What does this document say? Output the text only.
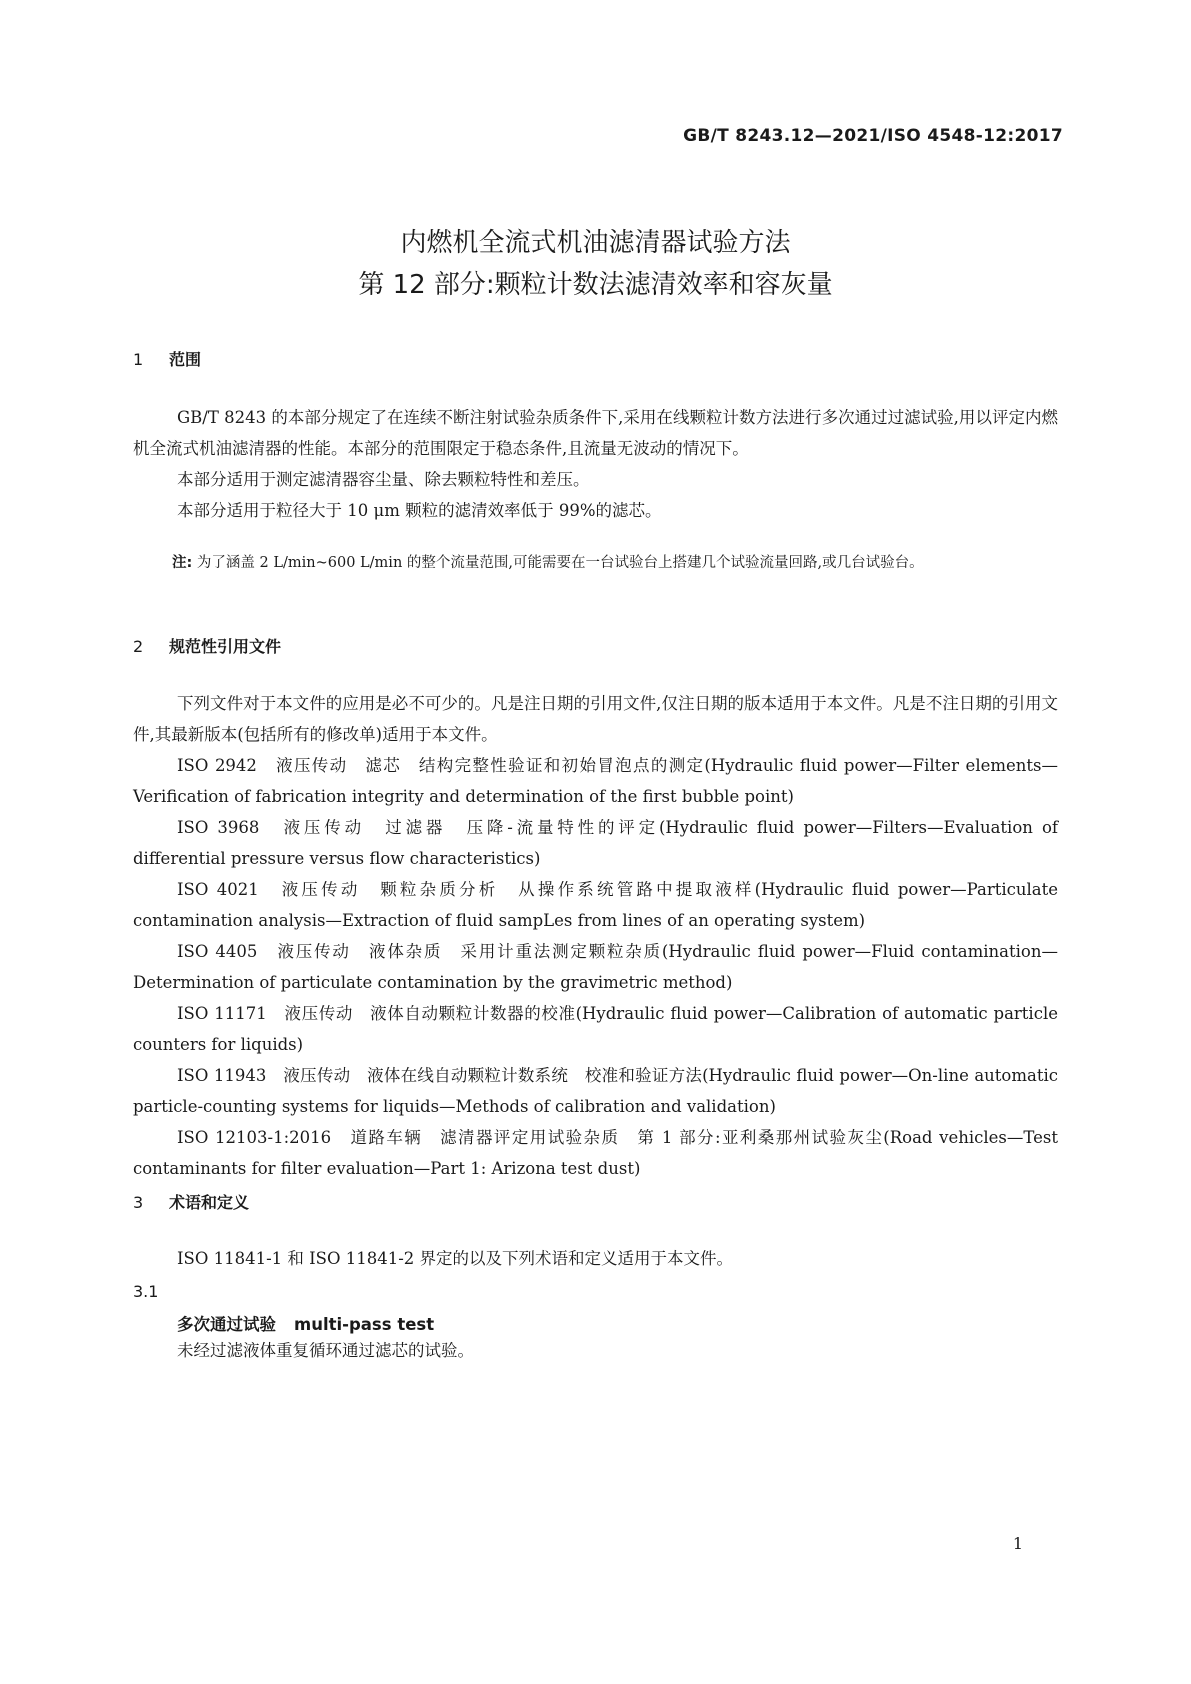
GB/T 8243.12—2021/ISO 4548-12:2017
内燃机全流式机油滤清器试验方法
第 12 部分:颗粒计数法滤清效率和容灰量
1 范围

GB/T 8243 的本部分规定了在连续不断注射试验杂质条件下,采用在线颗粒计数方法进行多次通过过滤试验,用以评定内燃机全流式机油滤清器的性能。本部分的范围限定于稳态条件,且流量无波动的情况下。

本部分适用于测定滤清器容尘量、除去颗粒特性和差压。

本部分适用于粒径大于 10 μm 颗粒的滤清效率低于 99%的滤芯。

注: 为了涵盖 2 L/min~600 L/min 的整个流量范围,可能需要在一台试验台上搭建几个试验流量回路,或几台试验台。
2 规范性引用文件

下列文件对于本文件的应用是必不可少的。凡是注日期的引用文件,仅注日期的版本适用于本文件。凡是不注日期的引用文件,其最新版本(包括所有的修改单)适用于本文件。

ISO 2942　液压传动　滤芯　结构完整性验证和初始冒泡点的测定(Hydraulic fluid power—Filter elements—Verification of fabrication integrity and determination of the first bubble point)

ISO 3968　液压传动　过滤器　压降-流量特性的评定(Hydraulic fluid power—Filters—Evaluation of differential pressure versus flow characteristics)

ISO 4021　液压传动　颗粒杂质分析　从操作系统管路中提取液样(Hydraulic fluid power—Particulate contamination analysis—Extraction of fluid sampLes from lines of an operating system)

ISO 4405　液压传动　液体杂质　采用计重法测定颗粒杂质(Hydraulic fluid power—Fluid contamination—Determination of particulate contamination by the gravimetric method)

ISO 11171　液压传动　液体自动颗粒计数器的校准(Hydraulic fluid power—Calibration of automatic particle counters for liquids)

ISO 11943　液压传动　液体在线自动颗粒计数系统　校准和验证方法(Hydraulic fluid power—On-line automatic particle-counting systems for liquids—Methods of calibration and validation)

ISO 12103-1:2016　道路车辆　滤清器评定用试验杂质　第 1 部分:亚利桑那州试验灰尘(Road vehicles—Test contaminants for filter evaluation—Part 1: Arizona test dust)

3 术语和定义
ISO 11841-1 和 ISO 11841-2 界定的以及下列术语和定义适用于本文件。
3.1
多次通过试验 multi-pass test
未经过滤液体重复循环通过滤芯的试验。
1
